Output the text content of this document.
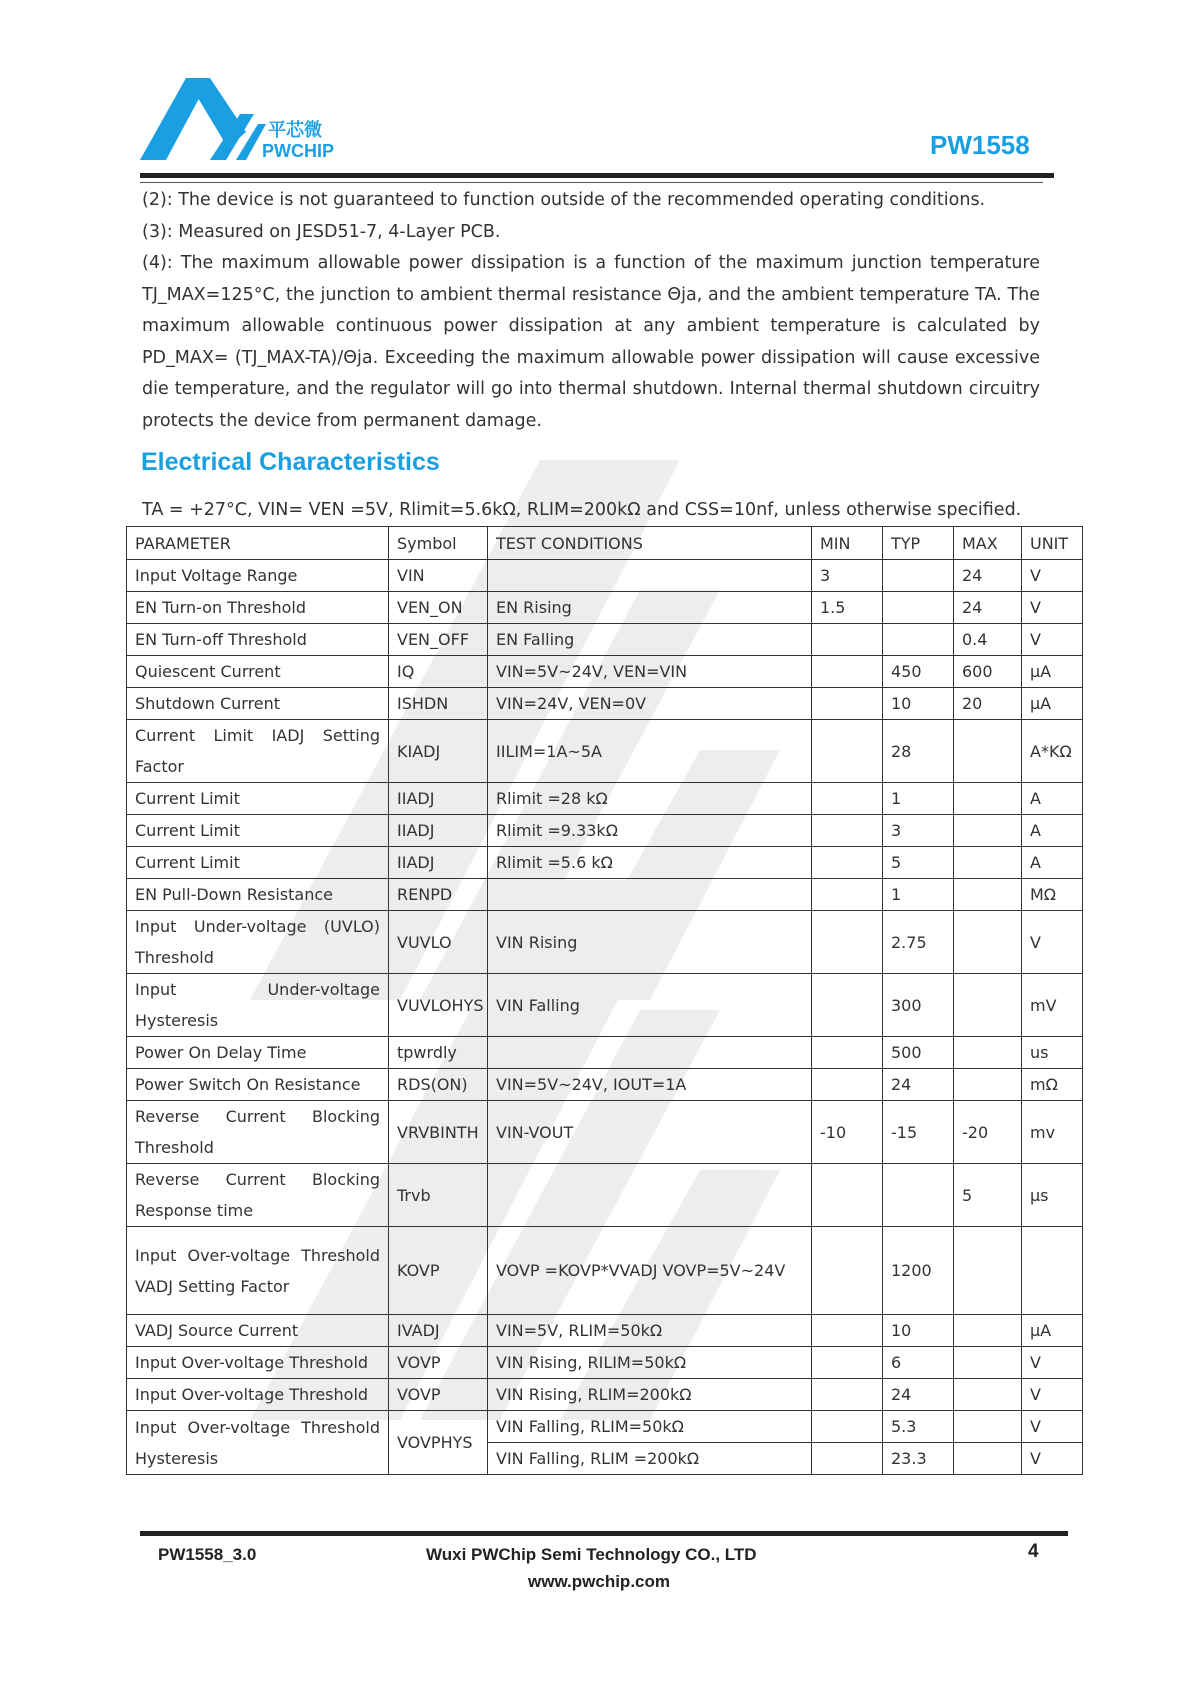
平芯微
PWCHIP	PW1558

(2): The device is not guaranteed to function outside of the recommended operating conditions.

(3): Measured on JESD51-7, 4-Layer PCB.

(4): The maximum allowable power dissipation is a function of the maximum junction temperature TJ_MAX=125°C, the junction to ambient thermal resistance Θja, and the ambient temperature TA. The maximum allowable continuous power dissipation at any ambient temperature is calculated by PD_MAX= (TJ_MAX-TA)/Θja. Exceeding the maximum allowable power dissipation will cause excessive die temperature, and the regulator will go into thermal shutdown. Internal thermal shutdown circuitry protects the device from permanent damage.

Electrical Characteristics
TA = +27°C, VIN= VEN =5V, Rlimit=5.6kΩ, RLIM=200kΩ and CSS=10nf, unless otherwise specified.
PARAMETER	Symbol	TEST CONDITIONS	MIN	TYP	MAX	UNIT
Input Voltage Range	VIN		3		24	V
EN Turn-on Threshold	VEN_ON	EN Rising	1.5		24	V
EN Turn-off Threshold	VEN_OFF	EN Falling			0.4	V
Quiescent Current	IQ	VIN=5V~24V, VEN=VIN		450	600	µA
Shutdown Current	ISHDN	VIN=24V, VEN=0V		10	20	µA
Current Limit IADJ Setting Factor	KIADJ	IILIM=1A~5A		28		A*KΩ
Current Limit	IIADJ	Rlimit =28 kΩ		1		A
Current Limit	IIADJ	Rlimit =9.33kΩ		3		A
Current Limit	IIADJ	Rlimit =5.6 kΩ		5		A
EN Pull-Down Resistance	RENPD			1		MΩ
Input Under-voltage (UVLO) Threshold	VUVLO	VIN Rising		2.75		V
Input Under-voltage Hysteresis	VUVLOHYS	VIN Falling		300		mV
Power On Delay Time	tpwrdly			500		us
Power Switch On Resistance	RDS(ON)	VIN=5V~24V, IOUT=1A		24		mΩ
Reverse Current Blocking Threshold	VRVBINTH	VIN-VOUT	-10	-15	-20	mv
Reverse Current Blocking Response time	Trvb				5	µs
Input Over-voltage Threshold VADJ Setting Factor	KOVP	VOVP =KOVP*VVADJ VOVP=5V~24V		1200		
VADJ Source Current	IVADJ	VIN=5V, RLIM=50kΩ		10		µA
Input Over-voltage Threshold	VOVP	VIN Rising, RILIM=50kΩ		6		V
Input Over-voltage Threshold	VOVP	VIN Rising, RLIM=200kΩ		24		V
Input Over-voltage Threshold Hysteresis	VOVPHYS	VIN Falling, RLIM=50kΩ		5.3		V
		VIN Falling, RLIM =200kΩ		23.3		V
PW1558_3.0	Wuxi PWChip Semi Technology CO., LTD
www.pwchip.com
4
